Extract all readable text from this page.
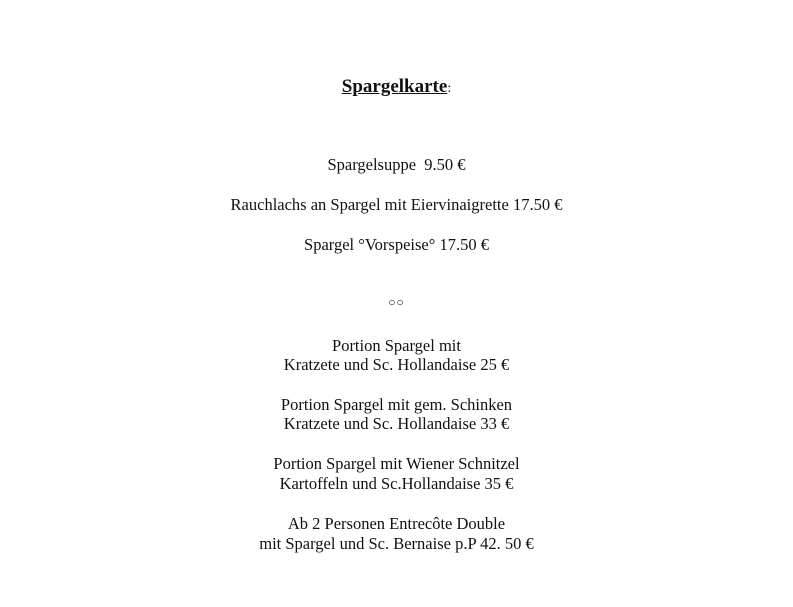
Spargelkarte:
Spargelsuppe  9.50 €
Rauchlachs an Spargel mit Eiervinaigrette 17.50 €
Spargel °Vorspeise° 17.50 €
○○
Portion Spargel mit
Kratzete und Sc. Hollandaise 25 €
Portion Spargel mit gem. Schinken
Kratzete und Sc. Hollandaise 33 €
Portion Spargel mit Wiener Schnitzel
Kartoffeln und Sc.Hollandaise 35 €
Ab 2 Personen Entrecôte Double
mit Spargel und Sc. Bernaise p.P 42. 50 €
